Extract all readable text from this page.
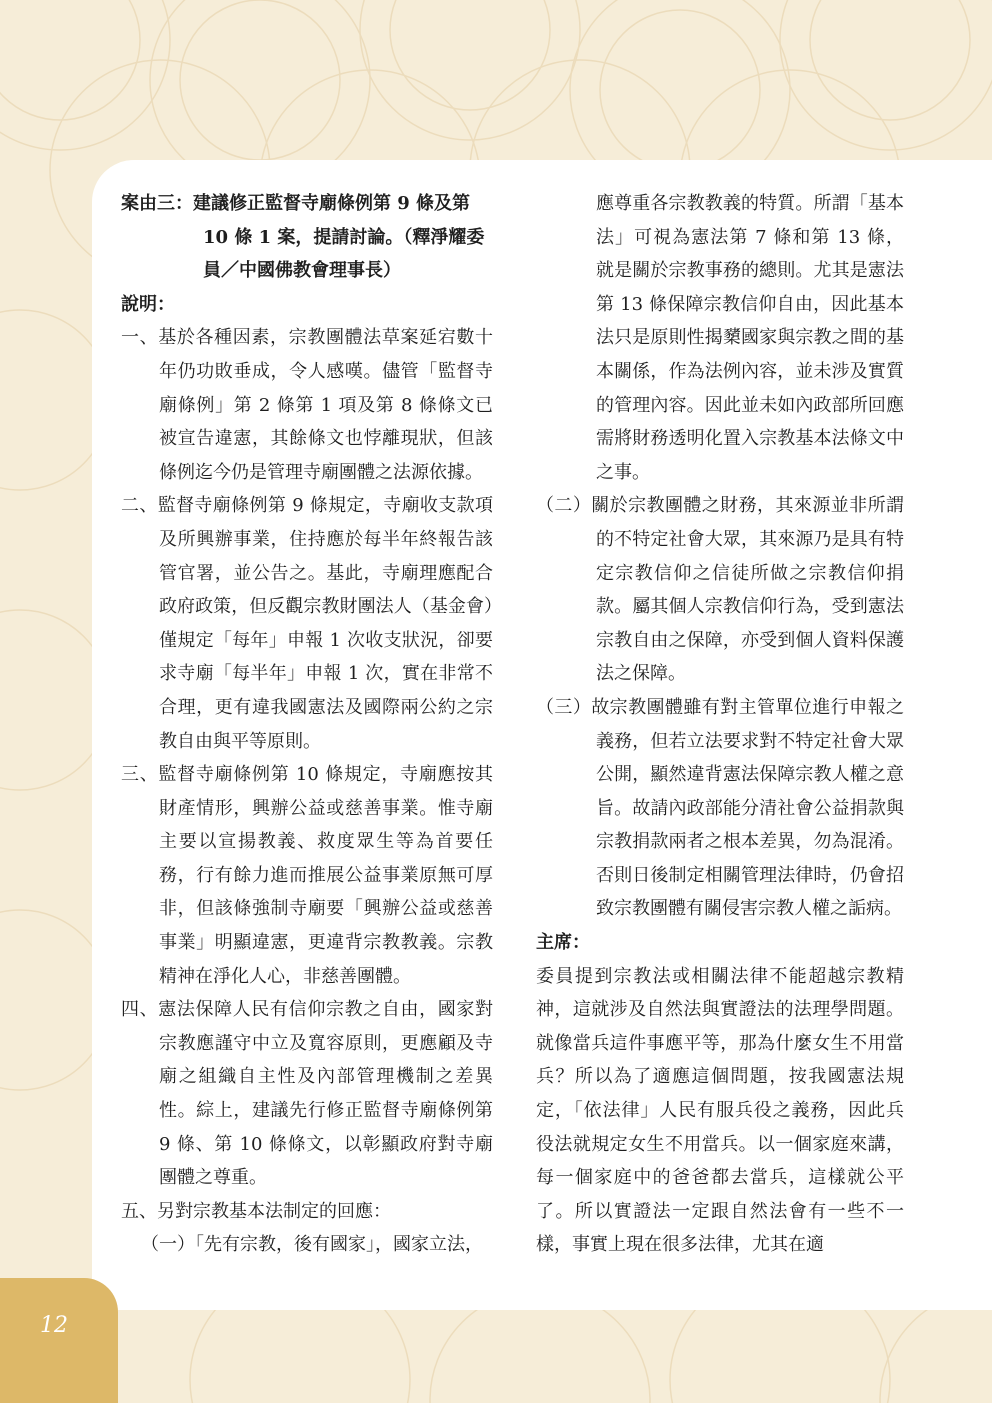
12
案由三：建議修正監督寺廟條例第 9 條及第 10 條 1 案，提請討論。（釋淨耀委員／中國佛教會理事長）
說明：
一、基於各種因素，宗教團體法草案延宕數十年仍功敗垂成，令人感嘆。儘管「監督寺廟條例」第 2 條第 1 項及第 8 條條文已被宣告違憲，其餘條文也悖離現狀，但該條例迄今仍是管理寺廟團體之法源依據。
二、監督寺廟條例第 9 條規定，寺廟收支款項及所興辦事業，住持應於每半年終報告該管官署，並公告之。基此，寺廟理應配合政府政策，但反觀宗教財團法人（基金會）僅規定「每年」申報 1 次收支狀況，卻要求寺廟「每半年」申報 1 次，實在非常不合理，更有違我國憲法及國際兩公約之宗教自由與平等原則。
三、監督寺廟條例第 10 條規定，寺廟應按其財產情形，興辦公益或慈善事業。惟寺廟主要以宣揚教義、救度眾生等為首要任務，行有餘力進而推展公益事業原無可厚非，但該條強制寺廟要「興辦公益或慈善事業」明顯違憲，更違背宗教教義。宗教精神在淨化人心，非慈善團體。
四、憲法保障人民有信仰宗教之自由，國家對宗教應謹守中立及寬容原則，更應顧及寺廟之組織自主性及內部管理機制之差異性。綜上，建議先行修正監督寺廟條例第 9 條、第 10 條條文，以彰顯政府對寺廟團體之尊重。
五、另對宗教基本法制定的回應：
（一）「先有宗教，後有國家」，國家立法，
應尊重各宗教教義的特質。所謂「基本法」可視為憲法第 7 條和第 13 條，就是關於宗教事務的總則。尤其是憲法第 13 條保障宗教信仰自由，因此基本法只是原則性揭櫫國家與宗教之間的基本關係，作為法例內容，並未涉及實質的管理內容。因此並未如內政部所回應需將財務透明化置入宗教基本法條文中之事。
（二）關於宗教團體之財務，其來源並非所謂的不特定社會大眾，其來源乃是具有特定宗教信仰之信徒所做之宗教信仰捐款。屬其個人宗教信仰行為，受到憲法宗教自由之保障，亦受到個人資料保護法之保障。
（三）故宗教團體雖有對主管單位進行申報之義務，但若立法要求對不特定社會大眾公開，顯然違背憲法保障宗教人權之意旨。故請內政部能分清社會公益捐款與宗教捐款兩者之根本差異，勿為混淆。否則日後制定相關管理法律時，仍會招致宗教團體有關侵害宗教人權之詬病。
主席：
委員提到宗教法或相關法律不能超越宗教精神，這就涉及自然法與實證法的法理學問題。就像當兵這件事應平等，那為什麼女生不用當兵？所以為了適應這個問題，按我國憲法規定，「依法律」人民有服兵役之義務，因此兵役法就規定女生不用當兵。以一個家庭來講，每一個家庭中的爸爸都去當兵，這樣就公平了。所以實證法一定跟自然法會有一些不一樣，事實上現在很多法律，尤其在適
